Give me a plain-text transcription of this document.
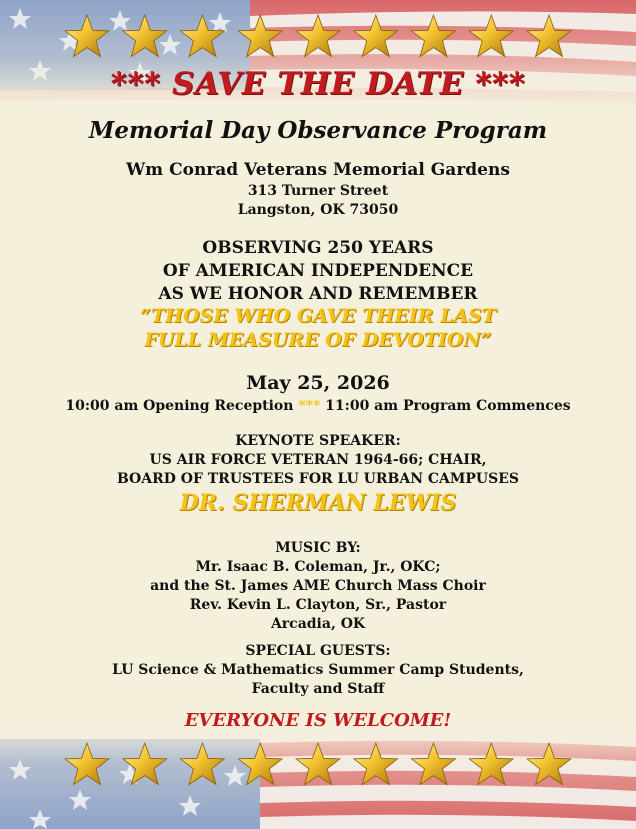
*** SAVE THE DATE ***
Memorial Day Observance Program
Wm Conrad Veterans Memorial Gardens
313 Turner Street
Langston, OK 73050
OBSERVING 250 YEARS
OF AMERICAN INDEPENDENCE
AS WE HONOR AND REMEMBER
“THOSE WHO GAVE THEIR LAST
FULL MEASURE OF DEVOTION”
May 25, 2026
10:00 am Opening Reception *** 11:00 am Program Commences
KEYNOTE SPEAKER:
US AIR FORCE VETERAN 1964-66; CHAIR,
BOARD OF TRUSTEES FOR LU URBAN CAMPUSES
DR. SHERMAN LEWIS
MUSIC BY:
Mr. Isaac B. Coleman, Jr., OKC;
and the St. James AME Church Mass Choir
Rev. Kevin L. Clayton, Sr., Pastor
Arcadia, OK
SPECIAL GUESTS:
LU Science & Mathematics Summer Camp Students,
Faculty and Staff
EVERYONE IS WELCOME!
